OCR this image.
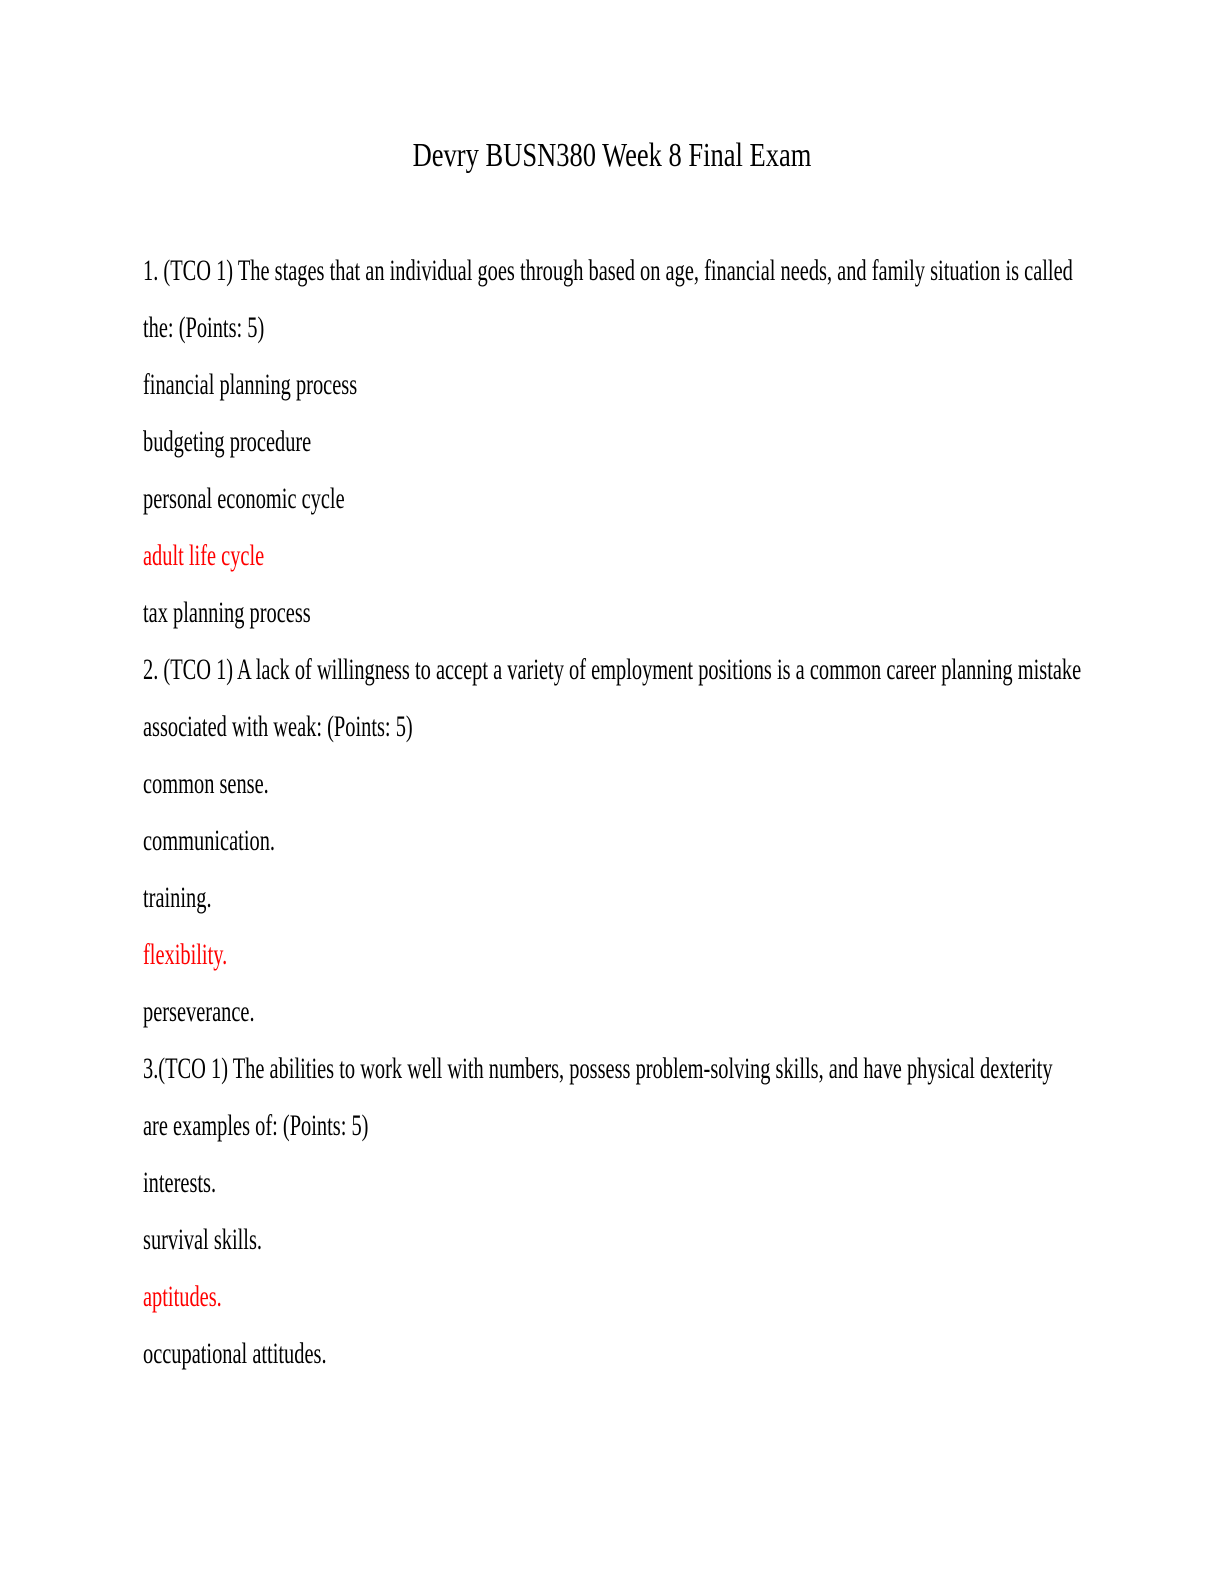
Devry BUSN380 Week 8 Final Exam

1. (TCO 1) The stages that an individual goes through based on age, financial needs, and family situation is called the: (Points: 5)

financial planning process

budgeting procedure

personal economic cycle

adult life cycle

tax planning process

2. (TCO 1) A lack of willingness to accept a variety of employment positions is a common career planning mistake associated with weak: (Points: 5)

common sense.

communication.

training.

flexibility.

perseverance.

3.(TCO 1) The abilities to work well with numbers, possess problem-solving skills, and have physical dexterity are examples of: (Points: 5)

interests.

survival skills.

aptitudes.

occupational attitudes.
